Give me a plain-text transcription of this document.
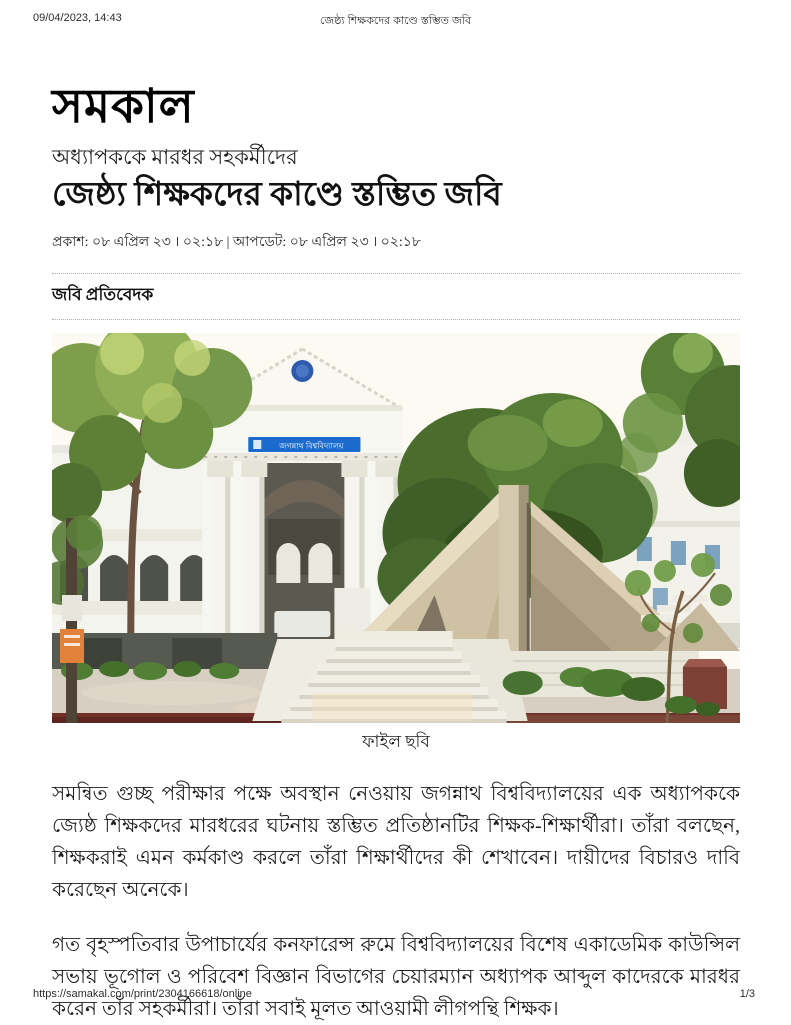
09/04/2023, 14:43	জেষ্ঠ্য শিক্ষকদের কাণ্ডে স্তম্ভিত জবি
সমকাল
অধ্যাপককে মারধর সহকর্মীদের
জেষ্ঠ্য শিক্ষকদের কাণ্ডে স্তম্ভিত জবি
প্রকাশ: ০৮ এপ্রিল ২৩ । ০২:১৮ | আপডেট: ০৮ এপ্রিল ২৩ । ০২:১৮
জবি প্রতিবেদক
জগন্নাথ বিশ্ববিদ্যালয়
ফাইল ছবি

সমন্বিত গুচ্ছ পরীক্ষার পক্ষে অবস্থান নেওয়ায় জগন্নাথ বিশ্ববিদ্যালয়ের এক অধ্যাপককে জ্যেষ্ঠ শিক্ষকদের মারধরের ঘটনায় স্তম্ভিত প্রতিষ্ঠানটির শিক্ষক-শিক্ষার্থীরা। তাঁরা বলছেন, শিক্ষকরাই এমন কর্মকাণ্ড করলে তাঁরা শিক্ষার্থীদের কী শেখাবেন। দায়ীদের বিচারও দাবি করেছেন অনেকে।

গত বৃহস্পতিবার উপাচার্যের কনফারেন্স রুমে বিশ্ববিদ্যালয়ের বিশেষ একাডেমিক কাউন্সিল সভায় ভূগোল ও পরিবেশ বিজ্ঞান বিভাগের চেয়ারম্যান অধ্যাপক আব্দুল কাদেরকে মারধর করেন তাঁর সহকর্মীরা। তাঁরা সবাই মূলত আওয়ামী লীগপন্থি শিক্ষক।

https://samakal.com/print/2304166618/online	1/3
